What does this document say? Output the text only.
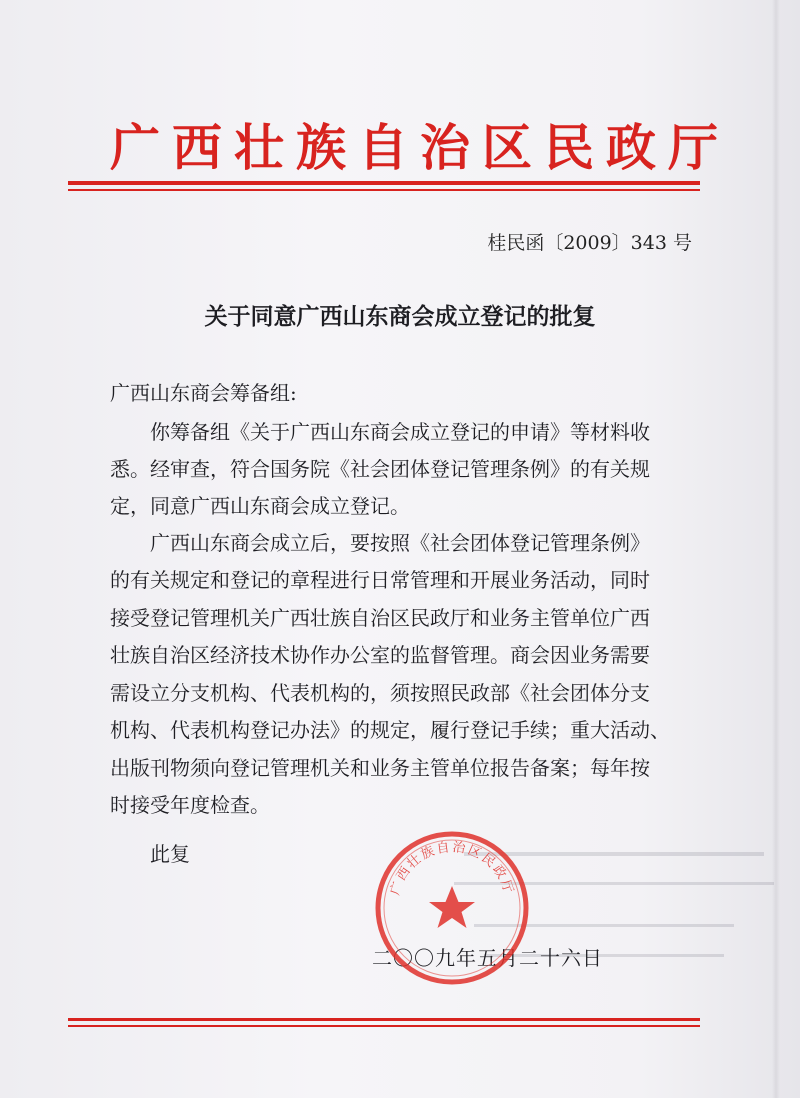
广西壮族自治区民政厅
桂民函〔2009〕343 号
关于同意广西山东商会成立登记的批复
广西山东商会筹备组:
　　你筹备组《关于广西山东商会成立登记的申请》等材料收
悉。经审查，符合国务院《社会团体登记管理条例》的有关规
定，同意广西山东商会成立登记。
　　广西山东商会成立后，要按照《社会团体登记管理条例》
的有关规定和登记的章程进行日常管理和开展业务活动，同时
接受登记管理机关广西壮族自治区民政厅和业务主管单位广西
壮族自治区经济技术协作办公室的监督管理。商会因业务需要
需设立分支机构、代表机构的，须按照民政部《社会团体分支
机构、代表机构登记办法》的规定，履行登记手续；重大活动、
出版刊物须向登记管理机关和业务主管单位报告备案；每年按
时接受年度检查。
此复
二〇〇九年五月二十六日
广西壮族自治区民政厅
